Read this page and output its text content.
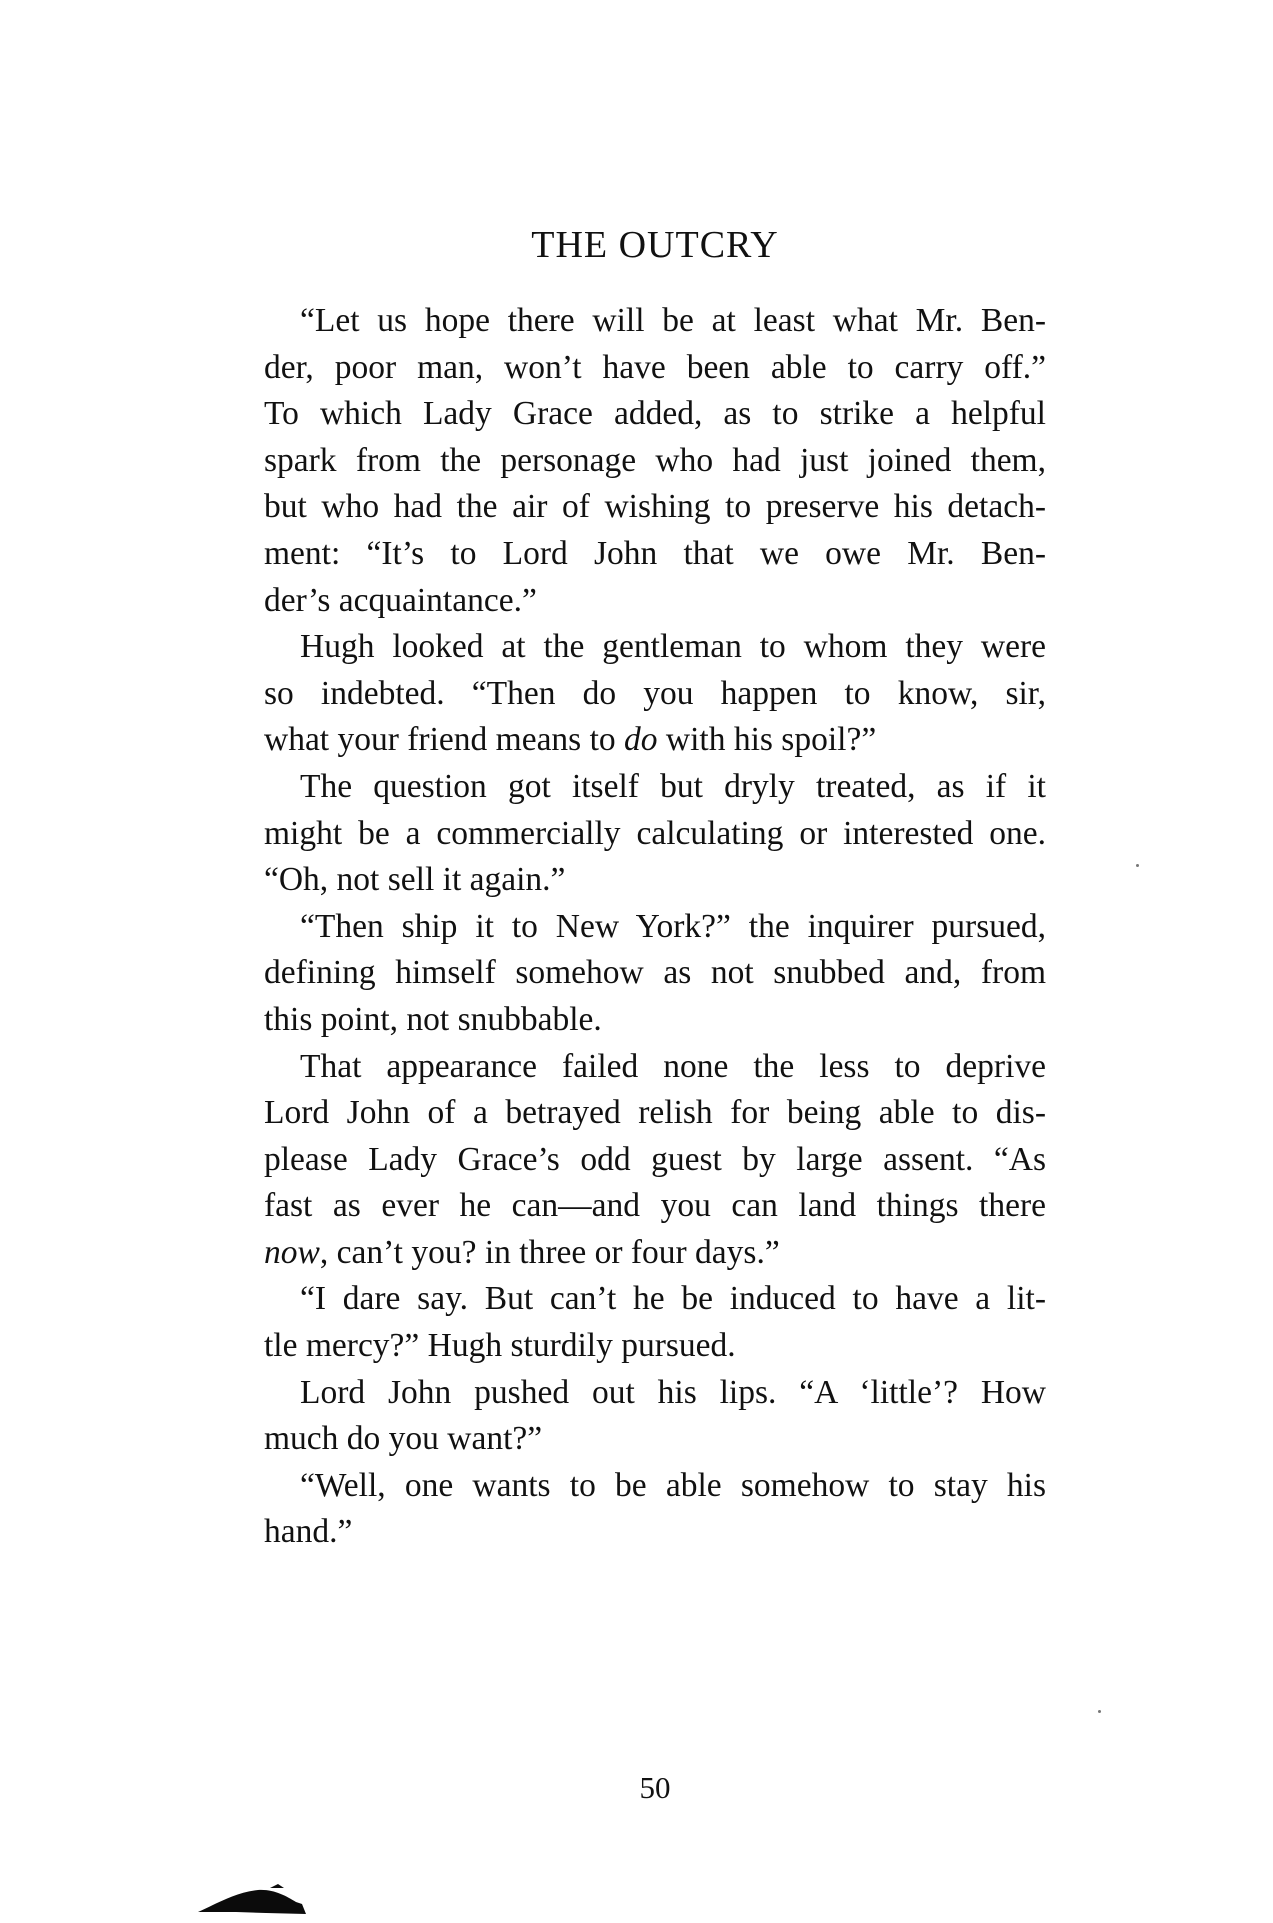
THE OUTCRY

“Let us hope there will be at least what Mr. Ben-
der, poor man, won’t have been able to carry off.”
To which Lady Grace added, as to strike a helpful
spark from the personage who had just joined them,
but who had the air of wishing to preserve his detach-
ment: “It’s to Lord John that we owe Mr. Ben-
der’s acquaintance.”

Hugh looked at the gentleman to whom they were
so indebted. “Then do you happen to know, sir,
what your friend means to do with his spoil?”

The question got itself but dryly treated, as if it
might be a commercially calculating or interested one.
“Oh, not sell it again.”

“Then ship it to New York?” the inquirer pursued,
defining himself somehow as not snubbed and, from
this point, not snubbable.

That appearance failed none the less to deprive
Lord John of a betrayed relish for being able to dis-
please Lady Grace’s odd guest by large assent. “As
fast as ever he can—and you can land things there
now, can’t you? in three or four days.”

“I dare say. But can’t he be induced to have a lit-
tle mercy?” Hugh sturdily pursued.

Lord John pushed out his lips. “A ‘little’? How
much do you want?”

“Well, one wants to be able somehow to stay his
hand.”

50
